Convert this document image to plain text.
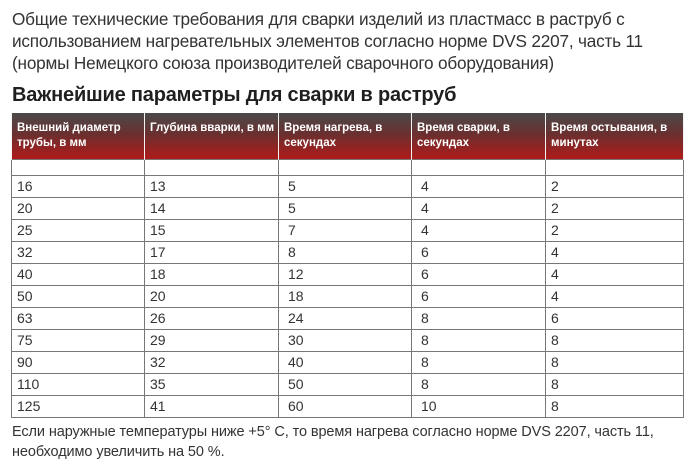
Общие технические требования для сварки изделий из пластмасс в раструб с использованием нагревательных элементов согласно норме DVS 2207, часть 11 (нормы Немецкого союза производителей сварочного оборудования)
Важнейшие параметры для сварки в раструб
Внешний диаметр трубы, в мм	Глубина вварки, в мм	Время нагрева, в секундах	Время сварки, в секундах	Время остывания, в минутах

16	13	5	4	2
20	14	5	4	2
25	15	7	4	2
32	17	8	6	4
40	18	12	6	4
50	20	18	6	4
63	26	24	8	6
75	29	30	8	8
90	32	40	8	8
110	35	50	8	8
125	41	60	10	8
Если наружные температуры ниже +5° С, то время нагрева согласно норме DVS 2207, часть 11, необходимо увеличить на 50 %.
